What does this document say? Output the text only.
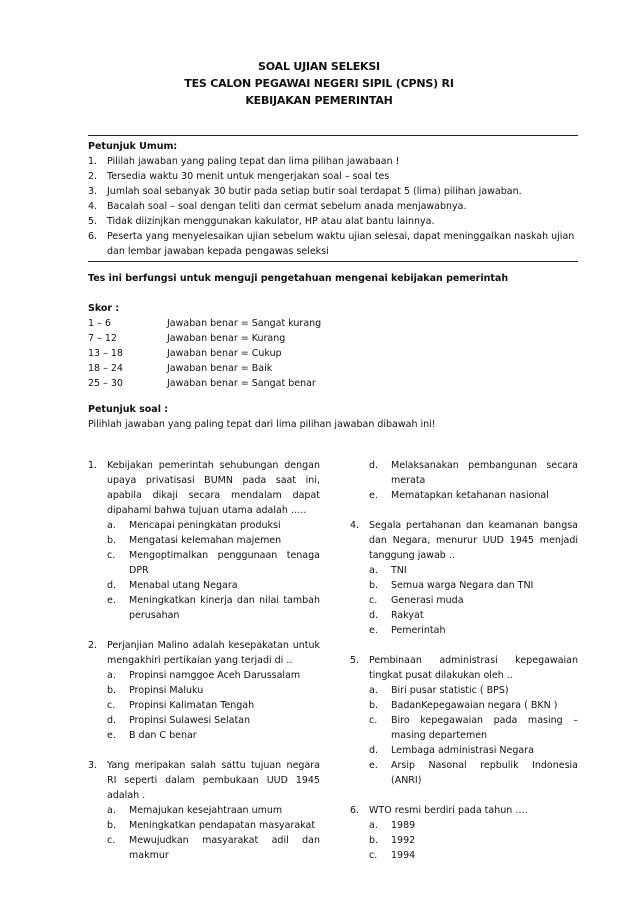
SOAL UJIAN SELEKSI
TES CALON PEGAWAI NEGERI SIPIL (CPNS) RI
KEBIJAKAN PEMERINTAH
Petunjuk Umum:
1.	Pililah jawaban yang paling tepat dan lima pilihan jawabaan !
2.	Tersedia waktu 30 menit untuk mengerjakan soal – soal tes
3.	Jumlah soal sebanyak 30 butir pada setiap butir soal terdapat 5 (lima) pilihan jawaban.
4.	Bacalah soal – soal dengan teliti dan cermat sebelum anada menjawabnya.
5.	Tidak diizinjkan menggunakan kakulator, HP atau alat bantu lainnya.
6.	Peserta yang menyelesaikan ujian sebelum waktu ujian selesai, dapat meninggalkan naskah ujian dan lembar jawaban kepada pengawas seleksi
Tes ini berfungsi untuk menguji pengetahuan mengenai kebijakan pemerintah
Skor :
1 – 6	Jawaban benar = Sangat kurang
7 – 12	Jawaban benar = Kurang
13 – 18	Jawaban benar = Cukup
18 – 24	Jawaban benar = Baik
25 – 30	Jawaban benar = Sangat benar
Petunjuk soal :
Pilihlah jawaban yang paling tepat dari lima pilihan jawaban dibawah ini!
1.	Kebijakan pemerintah sehubungan dengan upaya privatisasi BUMN pada saat ini, apabila dikaji secara mendalam dapat dipahami bahwa tujuan utama adalah …..
a.	Mencapai peningkatan produksi
b.	Mengatasi kelemahan majemen
c.	Mengoptimalkan penggunaan tenaga DPR
d.	Menabal utang Negara
e.	Meningkatkan kinerja dan nilai tambah perusahan
2.	Perjanjian Malino adalah kesepakatan untuk mengakhiri pertikaian yang terjadi di ..
a.	Propinsi namggoe Aceh Darussalam
b.	Propinsi Maluku
c.	Propinsi Kalimatan Tengah
d.	Propinsi Sulawesi Selatan
e.	B dan C benar
3.	Yang meripakan salah sattu tujuan negara RI seperti dalam pembukaan UUD 1945 adalah .
a.	Memajukan kesejahtraan umum
b.	Meningkatkan pendapatan masyarakat
c.	Mewujudkan masyarakat adil dan makmur
d.	Melaksanakan pembangunan secara merata
e.	Mematapkan ketahanan nasional
4.	Segala pertahanan dan keamanan bangsa dan Negara, menurur UUD 1945 menjadi tanggung jawab ..
a.	TNI
b.	Semua warga Negara dan TNI
c.	Generasi muda
d.	Rakyat
e.	Pemerintah
5.	Pembinaan administrasi kepegawaian tingkat pusat dilakukan oleh ..
a.	Biri pusar statistic ( BPS)
b.	BadanKepegawaian negara ( BKN )
c.	Biro kepegawaian pada masing – masing departemen
d.	Lembaga administrasi Negara
e.	Arsip Nasonal repbulik Indonesia (ANRI)
6.	WTO resmi berdiri pada tahun ….
a.	1989
b.	1992
c.	1994
